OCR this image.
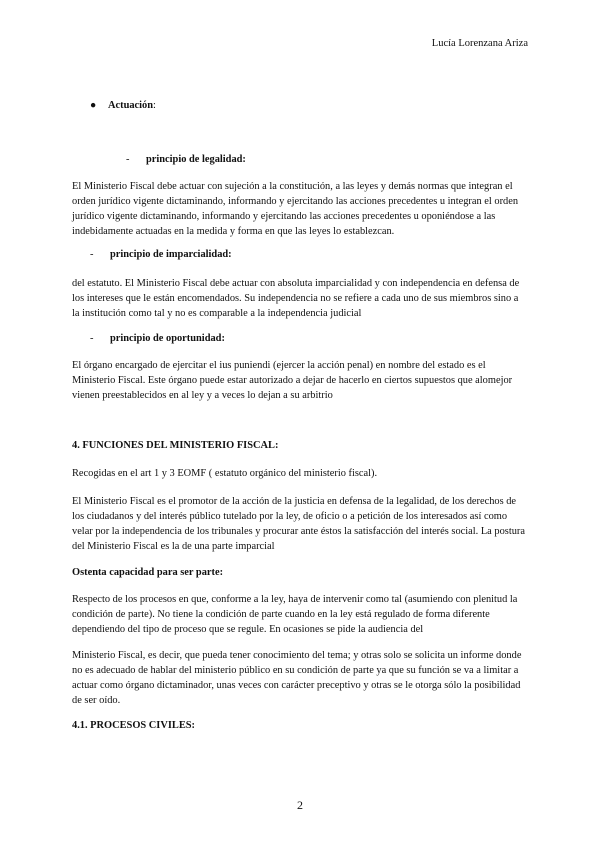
Lucía Lorenzana Ariza

● Actuación:

- principio de legalidad:

El Ministerio Fiscal debe actuar con sujeción a la constitución, a las leyes y demás normas que integran el orden jurídico vigente dictaminando, informando y ejercitando las acciones precedentes u integran el orden jurídico vigente dictaminando, informando y ejercitando las acciones precedentes u oponiéndose a las indebidamente actuadas en la medida y forma en que las leyes lo establezcan.

- principio de imparcialidad:

del estatuto. El Ministerio Fiscal debe actuar con absoluta imparcialidad y con independencia en defensa de los intereses que le están encomendados. Su independencia no se refiere a cada uno de sus miembros sino a la institución como tal y no es comparable a la independencia judicial

- principio de oportunidad:

El órgano encargado de ejercitar el ius puniendi (ejercer la acción penal) en nombre del estado es el Ministerio Fiscal. Este órgano puede estar autorizado a dejar de hacerlo en ciertos supuestos que alomejor vienen preestablecidos en al ley y a veces lo dejan a su arbitrio

4. FUNCIONES DEL MINISTERIO FISCAL:

Recogidas en el art 1 y 3 EOMF ( estatuto orgánico del ministerio fiscal).

El Ministerio Fiscal es el promotor de la acción de la justicia en defensa de la legalidad, de los derechos de los ciudadanos y del interés público tutelado por la ley, de oficio o a petición de los interesados así como velar por la independencia de los tribunales y procurar ante éstos la satisfacción del interés social. La postura del Ministerio Fiscal es la de una parte imparcial

Ostenta capacidad para ser parte:

Respecto de los procesos en que, conforme a la ley, haya de intervenir como tal (asumiendo con plenitud la condición de parte). No tiene la condición de parte cuando en la ley está regulado de forma diferente dependiendo del tipo de proceso que se regule. En ocasiones se pide la audiencia del

Ministerio Fiscal, es decir, que pueda tener conocimiento del tema; y otras solo se solicita un informe donde no es adecuado de hablar del ministerio público en su condición de parte ya que su función se va a limitar a actuar como órgano dictaminador, unas veces con carácter preceptivo y otras se le otorga sólo la posibilidad de ser oído.

4.1. PROCESOS CIVILES:

2
